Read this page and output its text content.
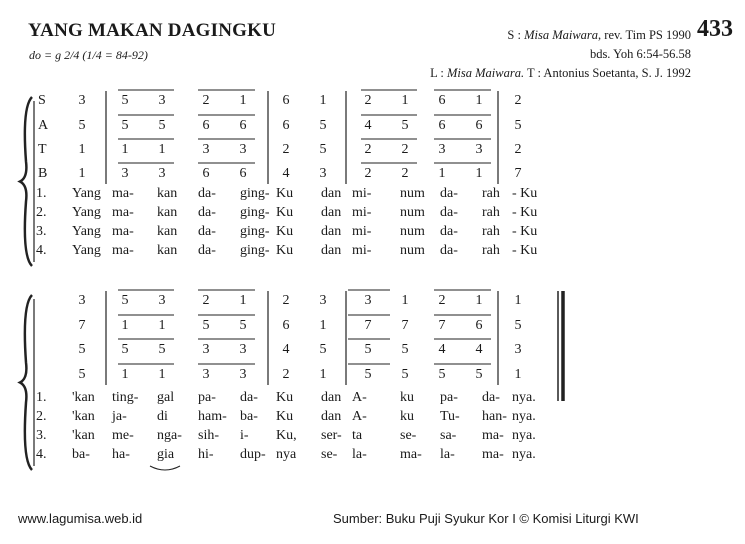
YANG MAKAN DAGINGKU	433
do = g 2/4 (1/4 = 84-92)
S : Misa Maiwara, rev. Tim PS 1990
bds. Yoh 6:54-56.58
L : Misa Maiwara. T : Antonius Soetanta, S. J. 1992
S 3	5 3	2 1	6 1	2 1 6 1 2
A 5	5 5	6 6	6 5	4 5 6 6 5
T 1	1 1	3 3	2 5	2 2 3 3 2
B 1	3 3	6 6	4 3	2 2 1 1 7
1. Yang ma- kan da- ging- Ku dan mi- num da- rah - Ku
2. Yang ma- kan da- ging- Ku dan mi- num da- rah - Ku
3. Yang ma- kan da- ging- Ku dan mi- num da- rah - Ku
4. Yang ma- kan da- ging- Ku dan mi- num da- rah - Ku
3	5 3	2 1	2 3	3 1 2 1 1
7	1 1	5 5	6 1	7 7 7 6 5
5	5 5	3 3	4 5	5 5 4 4 3
5	1 1	3 3	2 1	5 5 5 5 1
1. 'kan ting- gal pa- da- Ku dan A- ku pa- da- nya.
2. 'kan ja- di ham- ba- Ku dan A- ku Tu- han- nya.
3. 'kan me- nga- sih- i- Ku, ser- ta	se- sa- ma- nya.
4. ba- ha- gia hi- dup- nya se- la- ma- la- ma- nya.
www.lagumisa.web.id	Sumber: Buku Puji Syukur Kor I © Komisi Liturgi KWI
